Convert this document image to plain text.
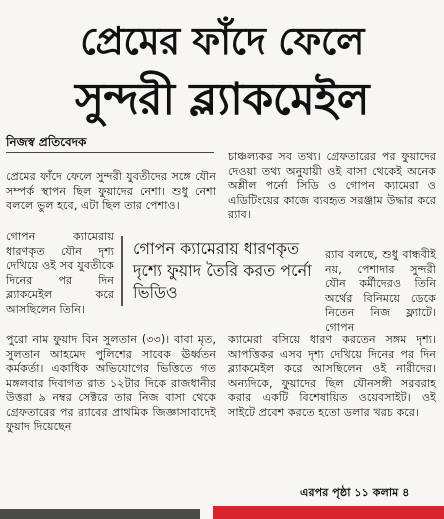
প্রেমের ফাঁদে ফেলে
সুন্দরী ব্ল্যাকমেইল
নিজস্ব প্রতিবেদক
প্রেমের ফাঁদে ফেলে সুন্দরী যুবতীদের সঙ্গে যৌন সম্পর্ক স্থাপন ছিল ফুয়াদের নেশা। শুধু নেশা বললে ভুল হবে, এটা ছিল তার পেশাও।
গোপন ক্যামেরায় ধারণকৃত যৌন দৃশ্য দেখিয়ে ওই সব যুবতীকে দিনের পর দিন ব্ল্যাকমেইল করে আসছিলেন তিনি।
গোপন ক্যামেরায় ধারণকৃত দৃশ্যে ফুয়াদ তৈরি করত পর্নো ভিডিও
চাঞ্চল্যকর সব তথ্য। গ্রেফতারের পর ফুয়াদের দেওয়া তথ্য অনুযায়ী ওই বাসা থেকেই অনেক অশ্লীল পর্নো সিডি ও গোপন ক্যামেরা ও এডিটিংয়ের কাজে ব্যবহৃত সরঞ্জাম উদ্ধার করে র‌্যাব।
র‌্যাব বলছে, শুধু বান্ধবীই নয়, পেশাদার সুন্দরী যৌন কর্মীদেরও তিনি অর্থের বিনিময়ে ডেকে নিতেন নিজ ফ্ল্যাটে। গোপন
পুরো নাম ফুয়াদ বিন সুলতান (৩৩)। বাবা মৃত, সুলতান আহমেদ পুলিশের সাবেক ঊর্ধ্বতন কর্মকর্তা। একাধিক অভিযোগের ভিত্তিতে গত মঙ্গলবার দিবাগত রাত ১২টার দিকে রাজধানীর উত্তরা ৯ নম্বর সেক্টরে তার নিজ বাসা থেকে গ্রেফতারের পর র‌্যাবের প্রাথমিক জিজ্ঞাসাবাদেই ফুয়াদ দিয়েছেন
ক্যামেরা বসিয়ে ধারণ করতেন সঙ্গম দৃশ্য। আপত্তিকর এসব দৃশ্য দেখিয়ে দিনের পর দিন ব্ল্যাকমেইল করে আসছিলেন ওই নারীদের। অন্যদিকে, ফুয়াদের ছিল যৌনসঙ্গী সরবরাহ করার একটি বিশেষায়িত ওয়েবসাইট। ওই সাইটে প্রবেশ করতে হতো ডলার খরচ করে।
এরপর পৃষ্ঠা ১১ কলাম ৪
